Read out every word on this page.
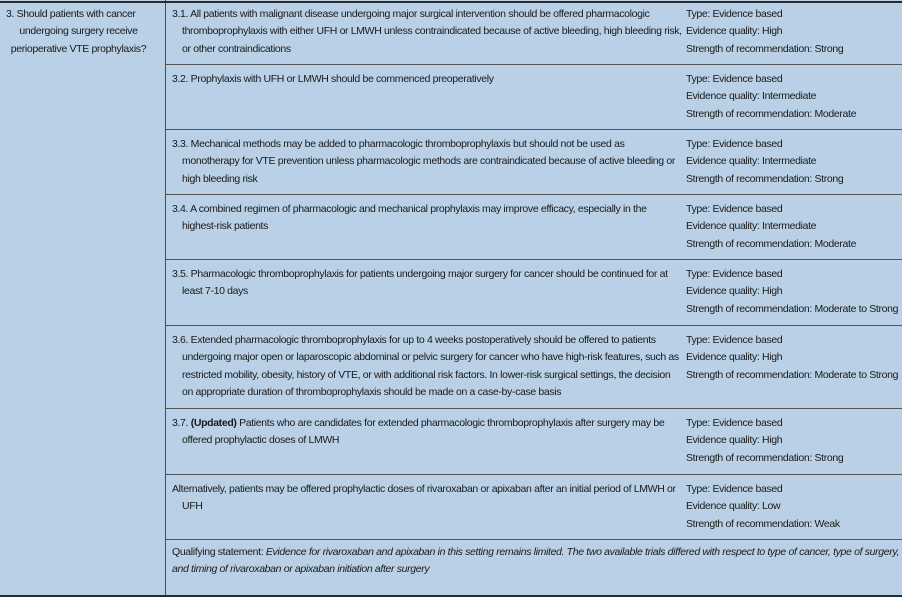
3. Should patients with cancer
undergoing surgery receive
perioperative VTE prophylaxis?
3.1. All patients with malignant disease undergoing major surgical intervention should be offered pharmacologic thromboprophylaxis with either UFH or LMWH unless contraindicated because of active bleeding, high bleeding risk, or other contraindications
Type: Evidence based
Evidence quality: High
Strength of recommendation: Strong
3.2. Prophylaxis with UFH or LMWH should be commenced preoperatively	Type: Evidence based
Evidence quality: Intermediate
Strength of recommendation: Moderate
3.3. Mechanical methods may be added to pharmacologic thromboprophylaxis but should not be used as monotherapy for VTE prevention unless pharmacologic methods are contraindicated because of active bleeding or high bleeding risk
Type: Evidence based
Evidence quality: Intermediate
Strength of recommendation: Strong
3.4. A combined regimen of pharmacologic and mechanical prophylaxis may improve efficacy, especially in the highest-risk patients
Type: Evidence based
Evidence quality: Intermediate
Strength of recommendation: Moderate
3.5. Pharmacologic thromboprophylaxis for patients undergoing major surgery for cancer should be continued for at least 7-10 days
Type: Evidence based
Evidence quality: High
Strength of recommendation: Moderate to Strong
3.6. Extended pharmacologic thromboprophylaxis for up to 4 weeks postoperatively should be offered to patients undergoing major open or laparoscopic abdominal or pelvic surgery for cancer who have high-risk features, such as restricted mobility, obesity, history of VTE, or with additional risk factors. In lower-risk surgical settings, the decision on appropriate duration of thromboprophylaxis should be made on a case-by-case basis
Type: Evidence based
Evidence quality: High
Strength of recommendation: Moderate to Strong
3.7. (Updated) Patients who are candidates for extended pharmacologic thromboprophylaxis after surgery may be offered prophylactic doses of LMWH
Type: Evidence based
Evidence quality: High
Strength of recommendation: Strong
Alternatively, patients may be offered prophylactic doses of rivaroxaban or apixaban after an initial period of LMWH or UFH
Type: Evidence based
Evidence quality: Low
Strength of recommendation: Weak
Qualifying statement: Evidence for rivaroxaban and apixaban in this setting remains limited. The two available trials differed with respect to type of cancer, type of surgery, and timing of rivaroxaban or apixaban initiation after surgery
